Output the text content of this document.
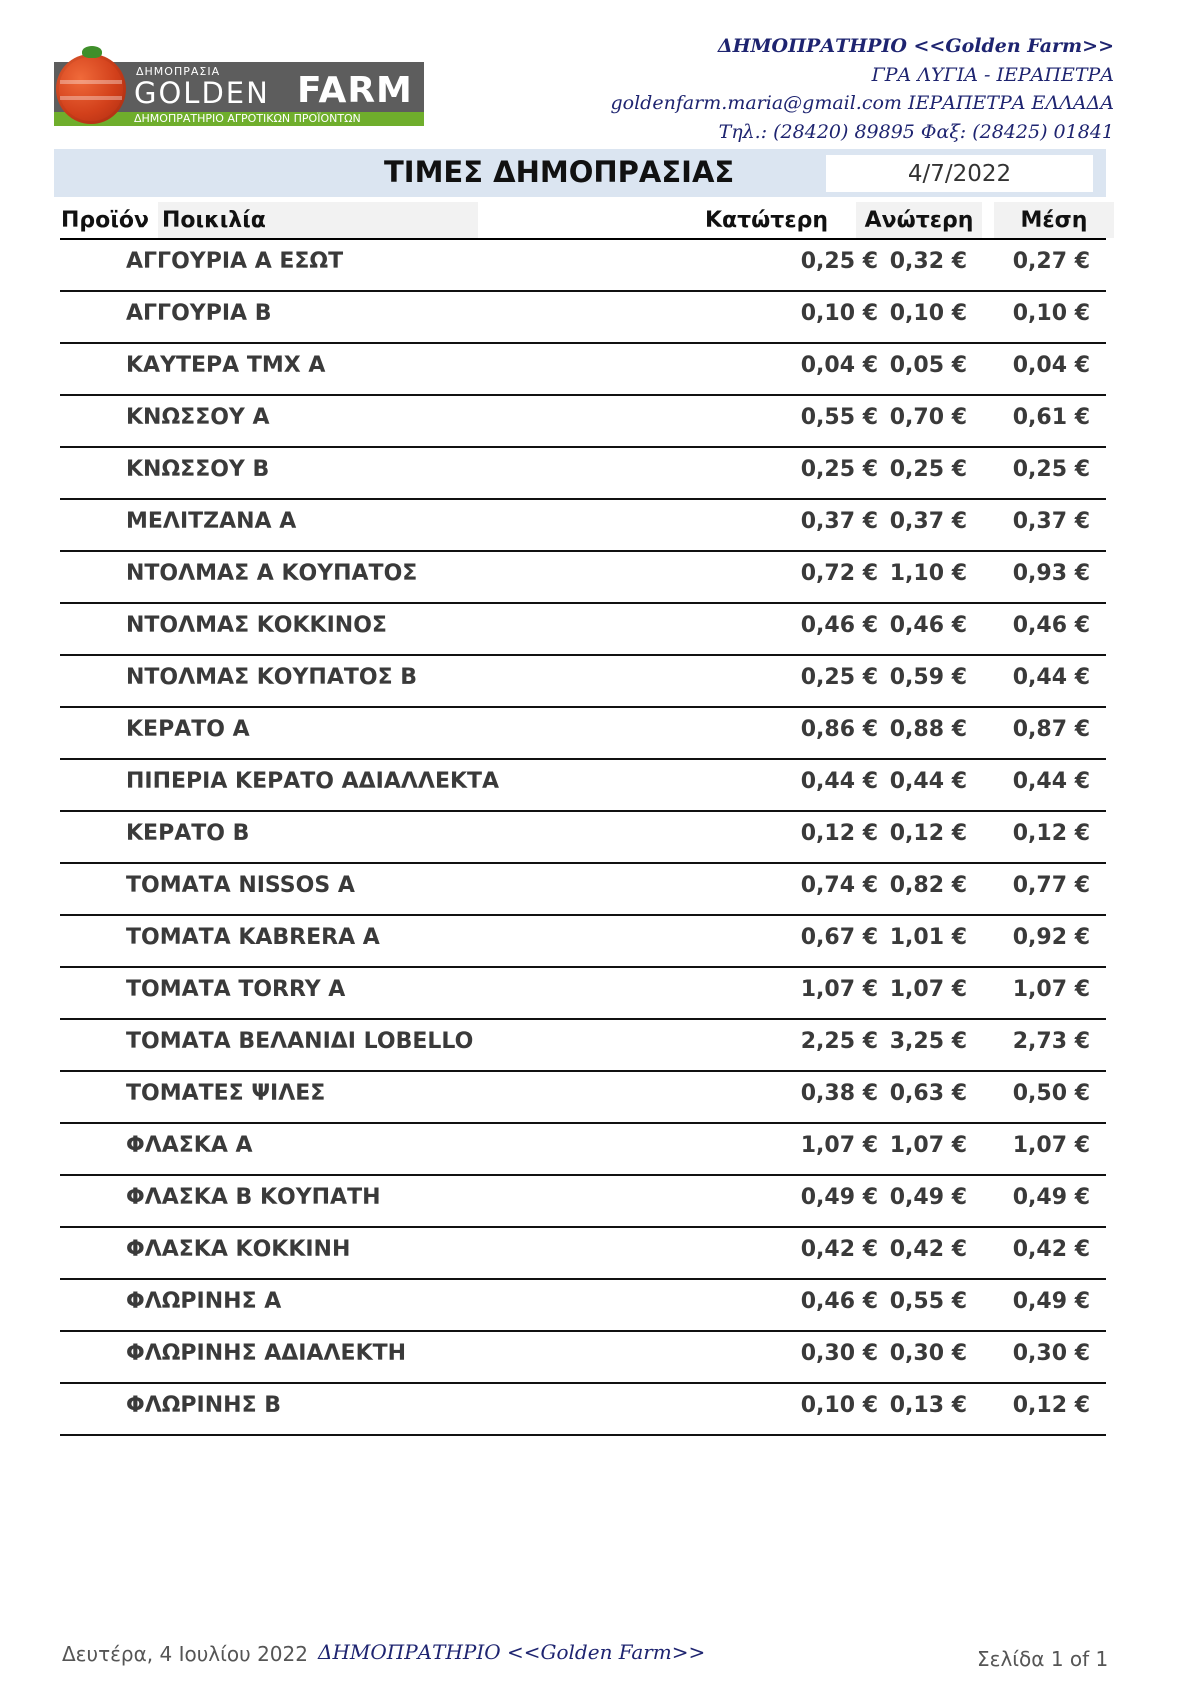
ΔΗΜΟΠΡΑΣΙΑ
GOLDEN FARM
ΔΗΜΟΠΡΑΤΗΡΙΟ ΑΓΡΟΤΙΚΩΝ ΠΡΟΪΟΝΤΩΝ
ΔΗΜΟΠΡΑΤΗΡΙΟ <<Golden Farm>>
ΓΡΑ ΛΥΓΙΑ - ΙΕΡΑΠΕΤΡΑ
goldenfarm.maria@gmail.com ΙΕΡΑΠΕΤΡΑ ΕΛΛΑΔΑ
Τηλ.: (28420) 89895 Φαξ: (28425) 01841
ΤΙΜΕΣ ΔΗΜΟΠΡΑΣΙΑΣ	4/7/2022
Προϊόν Ποικιλία	Κατώτερη	Ανώτερη	Μέση
ΑΓΓΟΥΡΙΑ Α ΕΣΩΤ	0,25 € 0,32 € 0,27 €
ΑΓΓΟΥΡΙΑ Β	0,10 € 0,10 € 0,10 €
ΚΑΥΤΕΡΑ ΤΜΧ Α	0,04 € 0,05 € 0,04 €
ΚΝΩΣΣΟΥ Α	0,55 € 0,70 € 0,61 €
ΚΝΩΣΣΟΥ Β	0,25 € 0,25 € 0,25 €
ΜΕΛΙΤΖΑΝΑ Α	0,37 € 0,37 € 0,37 €
ΝΤΟΛΜΑΣ Α ΚΟΥΠΑΤΟΣ	0,72 € 1,10 € 0,93 €
ΝΤΟΛΜΑΣ ΚΟΚΚΙΝΟΣ	0,46 € 0,46 € 0,46 €
ΝΤΟΛΜΑΣ ΚΟΥΠΑΤΟΣ Β	0,25 € 0,59 € 0,44 €
ΚΕΡΑΤΟ Α	0,86 € 0,88 € 0,87 €
ΠΙΠΕΡΙΑ ΚΕΡΑΤΟ ΑΔΙΑΛΛΕΚΤΑ	0,44 € 0,44 € 0,44 €
ΚΕΡΑΤΟ Β	0,12 € 0,12 € 0,12 €
ΤΟΜΑΤΑ NISSOS A	0,74 € 0,82 € 0,77 €
ΤΟΜΑΤΑ KABRERA A	0,67 € 1,01 € 0,92 €
ΤΟΜΑΤΑ TORRY A	1,07 € 1,07 € 1,07 €
ΤΟΜΑΤΑ ΒΕΛΑΝΙΔΙ LOBELLO	2,25 € 3,25 € 2,73 €
ΤΟΜΑΤΕΣ ΨΙΛΕΣ	0,38 € 0,63 € 0,50 €
ΦΛΑΣΚΑ Α	1,07 € 1,07 € 1,07 €
ΦΛΑΣΚΑ Β ΚΟΥΠΑΤΗ	0,49 € 0,49 € 0,49 €
ΦΛΑΣΚΑ ΚΟΚΚΙΝΗ	0,42 € 0,42 € 0,42 €
ΦΛΩΡΙΝΗΣ Α	0,46 € 0,55 € 0,49 €
ΦΛΩΡΙΝΗΣ ΑΔΙΑΛΕΚΤΗ	0,30 € 0,30 € 0,30 €
ΦΛΩΡΙΝΗΣ Β	0,10 € 0,13 € 0,12 €
Δευτέρα, 4 Ιουλίου 2022 ΔΗΜΟΠΡΑΤΗΡΙΟ <<Golden Farm>>	Σελίδα 1 of 1
